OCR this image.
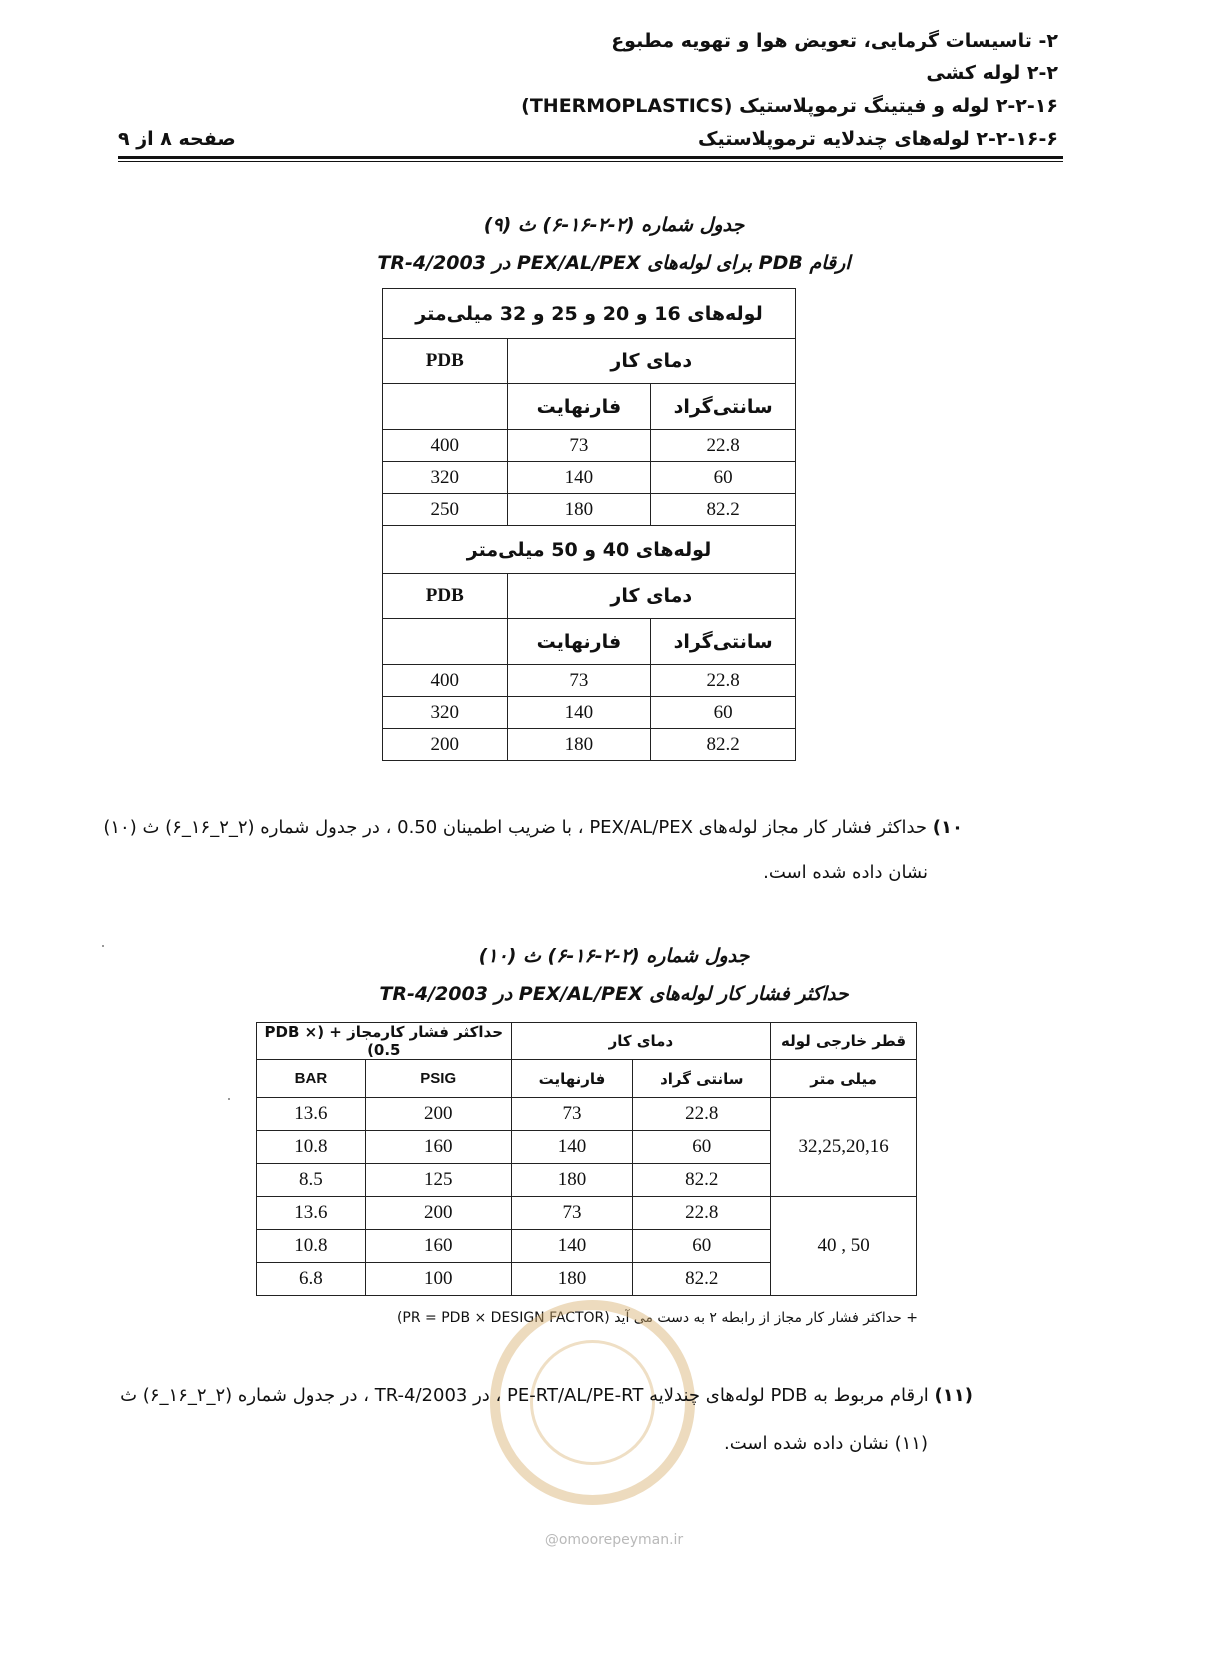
۲- تاسیسات گرمایی، تعویض هوا و تهویه مطبوع
۲-۲ لوله کشی
۲-۲-۱۶ لوله و فیتینگ ترموپلاستیک (THERMOPLASTICS)
۲-۲-۱۶-۶ لوله‌های چندلایه ترموپلاستیک
صفحه ۸ از ۹
جدول شماره (۲-۲-۱۶-۶) ث (۹)
ارقام PDB برای لوله‌های PEX/AL/PEX در TR-4/2003
لوله‌های 16 و 20 و 25 و 32 میلی‌متر		
دمای کار		PDB
سانتی‌گراد	فارنهایت	
22.8	73	400
60	140	320
82.2	180	250
لوله‌های 40 و 50 میلی‌متر		
دمای کار		PDB
سانتی‌گراد	فارنهایت	
22.8	73	400
60	140	320
82.2	180	200
۱۰) حداکثر فشار کار مجاز لوله‌های PEX/AL/PEX ، با ضریب اطمینان 0.50 ، در جدول شماره (۲_۲_۱۶_۶) ث (۱۰)
نشان داده شده است.
جدول شماره (۲-۲-۱۶-۶) ث (۱۰)
حداکثر فشار کار لوله‌های PEX/AL/PEX در TR-4/2003
قطر خارجی لوله	دمای کار		حداکثر فشار کارمجاز + (PDB × 0.5)	
میلی متر	سانتی گراد	فارنهایت	PSIG	BAR
32,25,20,16	22.8	73	200	13.6
	60	140	160	10.8
	82.2	180	125	8.5
50 , 40	22.8	73	200	13.6
	60	140	160	10.8
	82.2	180	100	6.8
+ حداکثر فشار کار مجاز از رابطه ۲ به دست می آید (PR = PDB × DESIGN FACTOR)
(۱۱) ارقام مربوط به PDB لوله‌های چندلایه PE-RT/AL/PE-RT ، در TR-4/2003 ، در جدول شماره (۲_۲_۱۶_۶) ث
(۱۱) نشان داده شده است.
@omoorepeyman.ir
